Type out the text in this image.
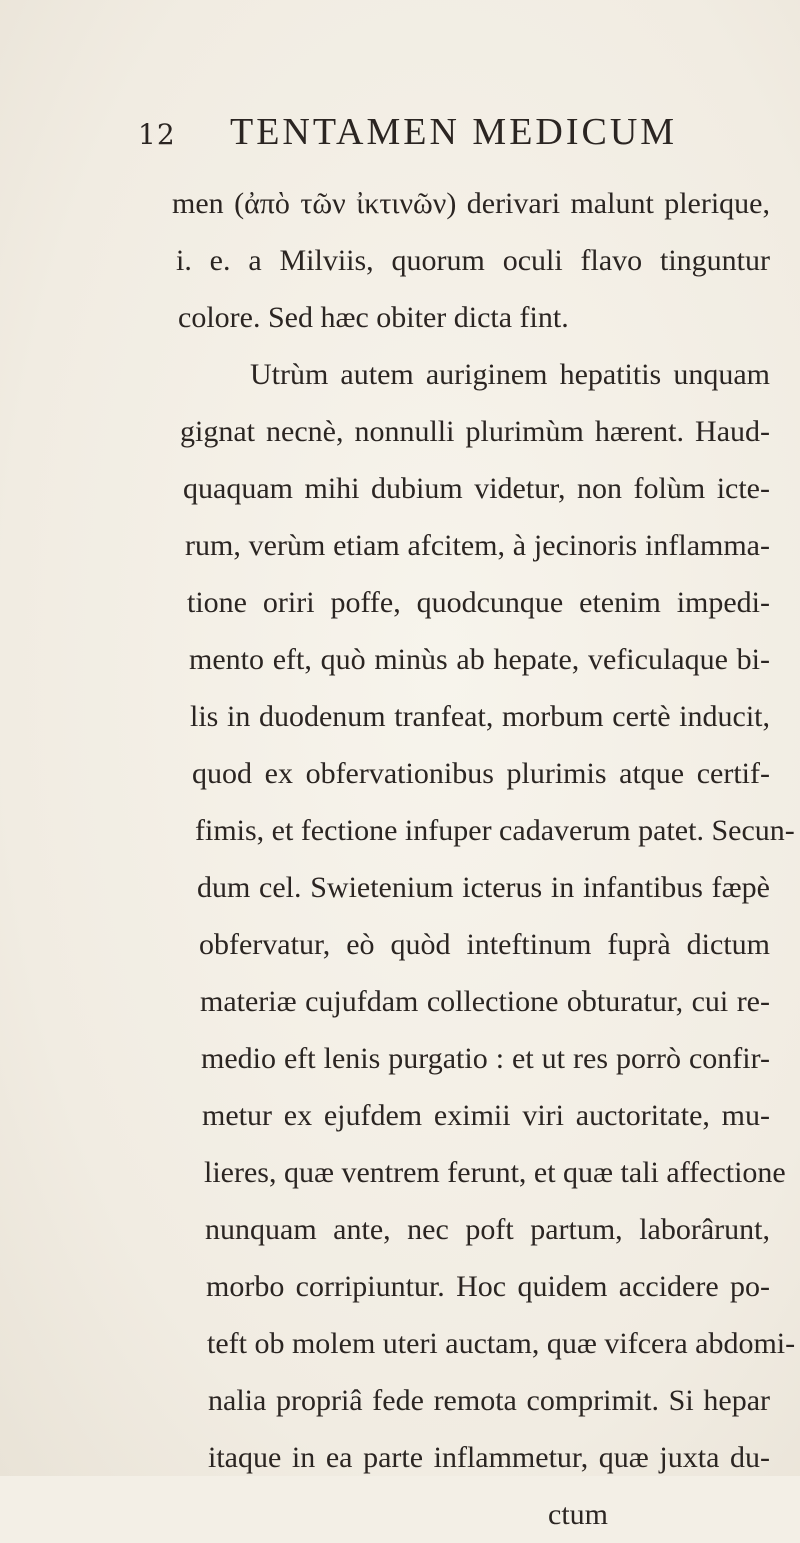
12 TENTAMEN MEDICUM
men (ἀπὸ τῶν ἰκτινῶν) derivari malunt plerique,
i. e. a Milviis, quorum oculi flavo tinguntur
colore. Sed hæc obiter dicta fint.
Utrùm autem auriginem hepatitis unquam
gignat necnè, nonnulli plurimùm hærent. Haud-
quaquam mihi dubium videtur, non folùm icte-
rum, verùm etiam afcitem, à jecinoris inflamma-
tione oriri poffe, quodcunque etenim impedi-
mento eft, quò minùs ab hepate, veficulaque bi-
lis in duodenum tranfeat, morbum certè inducit,
quod ex obfervationibus plurimis atque certif-
fimis, et fectione infuper cadaverum patet. Secun-
dum cel. Swietenium icterus in infantibus fæpè
obfervatur, eò quòd inteftinum fuprà dictum
materiæ cujufdam collectione obturatur, cui re-
medio eft lenis purgatio : et ut res porrò confir-
metur ex ejufdem eximii viri auctoritate, mu-
lieres, quæ ventrem ferunt, et quæ tali affectione
nunquam ante, nec poft partum, laborârunt,
morbo corripiuntur. Hoc quidem accidere po-
teft ob molem uteri auctam, quæ vifcera abdomi-
nalia propriâ fede remota comprimit. Si hepar
itaque in ea parte inflammetur, quæ juxta du-
ctum
